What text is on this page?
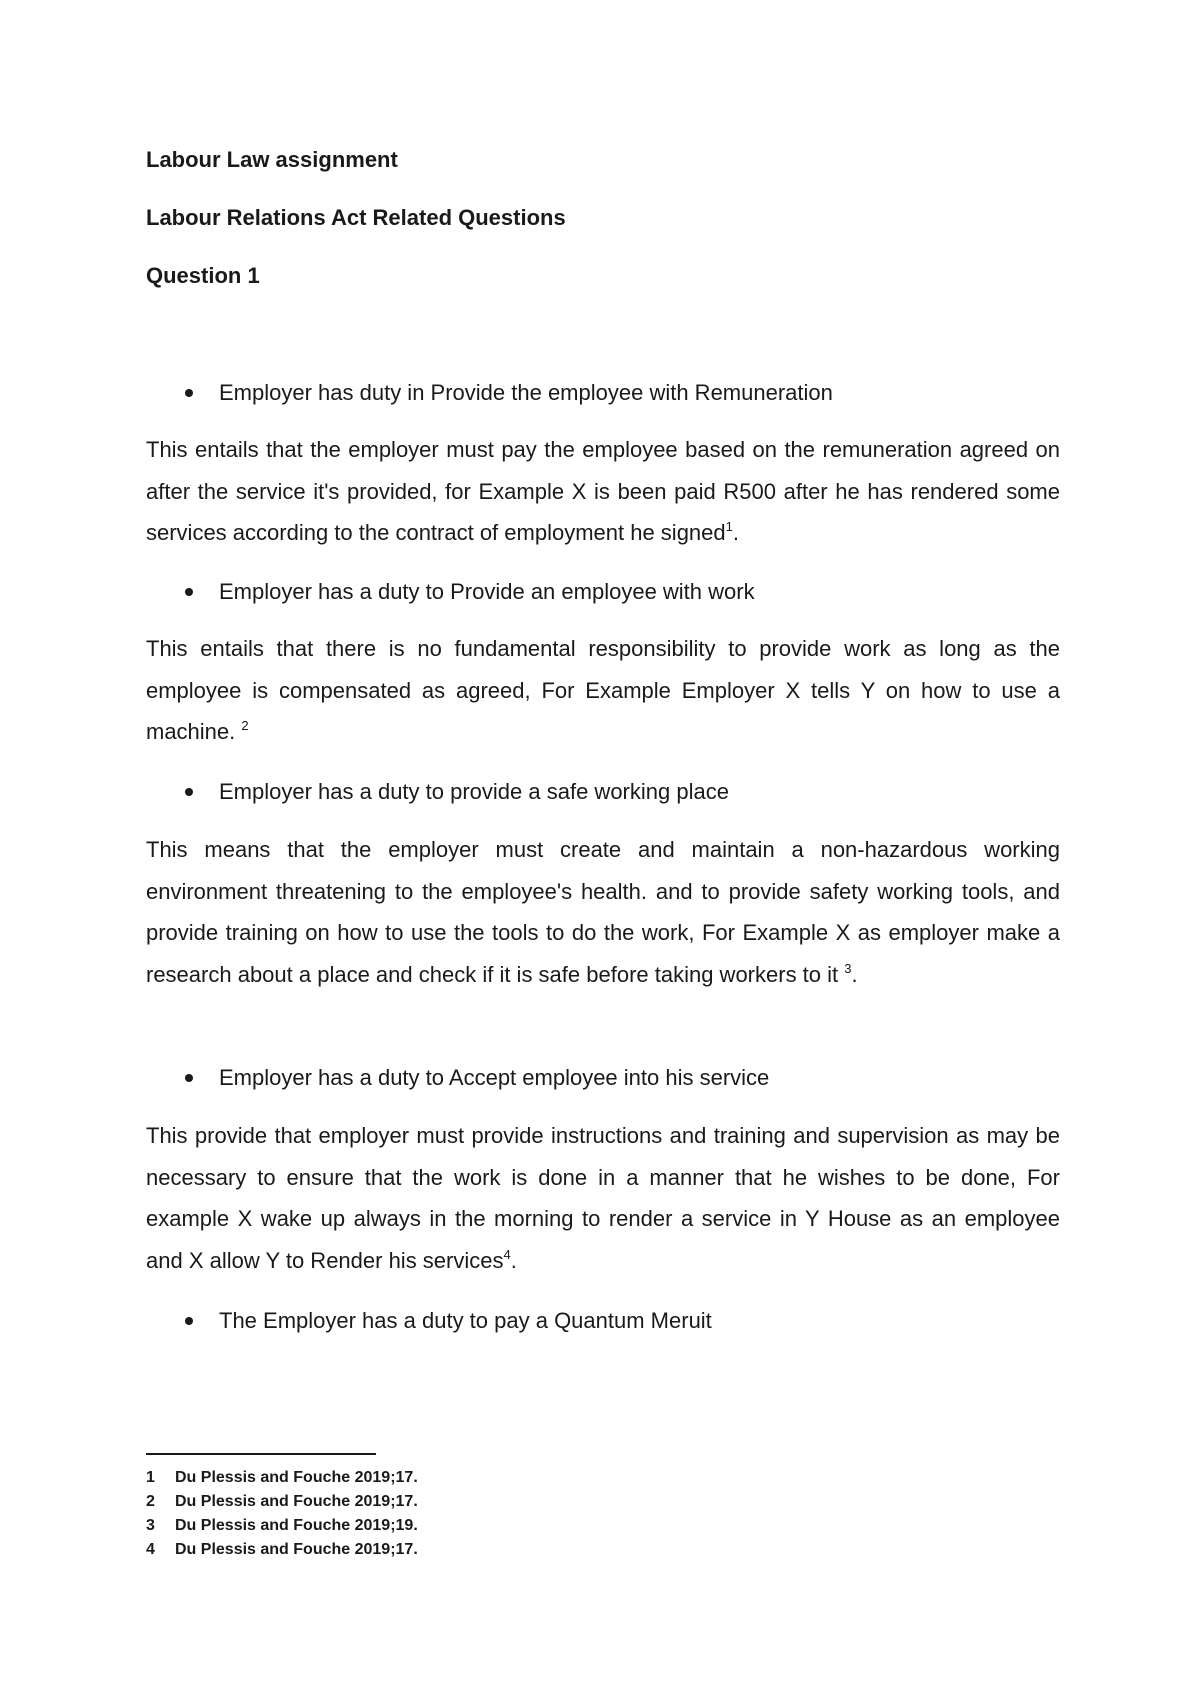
Labour Law assignment
Labour Relations Act Related Questions
Question 1
Employer has duty in Provide the employee with Remuneration

This entails that the employer must pay the employee based on the remuneration agreed on after the service it's provided, for Example X is been paid R500 after he has rendered some services according to the contract of employment he signed$^1$.

Employer has a duty to Provide an employee with work

This entails that there is no fundamental responsibility to provide work as long as the employee is compensated as agreed, For Example Employer X tells Y on how to use a machine. $^2$

Employer has a duty to provide a safe working place

This means that the employer must create and maintain a non-hazardous working environment threatening to the employee's health. and to provide safety working tools, and provide training on how to use the tools to do the work, For Example X as employer make a research about a place and check if it is safe before taking workers to it $^3$.

Employer has a duty to Accept employee into his service

This provide that employer must provide instructions and training and supervision as may be necessary to ensure that the work is done in a manner that he wishes to be done, For example X wake up always in the morning to render a service in Y House as an employee and X allow Y to Render his services$^4$.

The Employer has a duty to pay a Quantum Meruit
1 Du Plessis and Fouche 2019;17.
2 Du Plessis and Fouche 2019;17.
3 Du Plessis and Fouche 2019;19.
4 Du Plessis and Fouche 2019;17.
